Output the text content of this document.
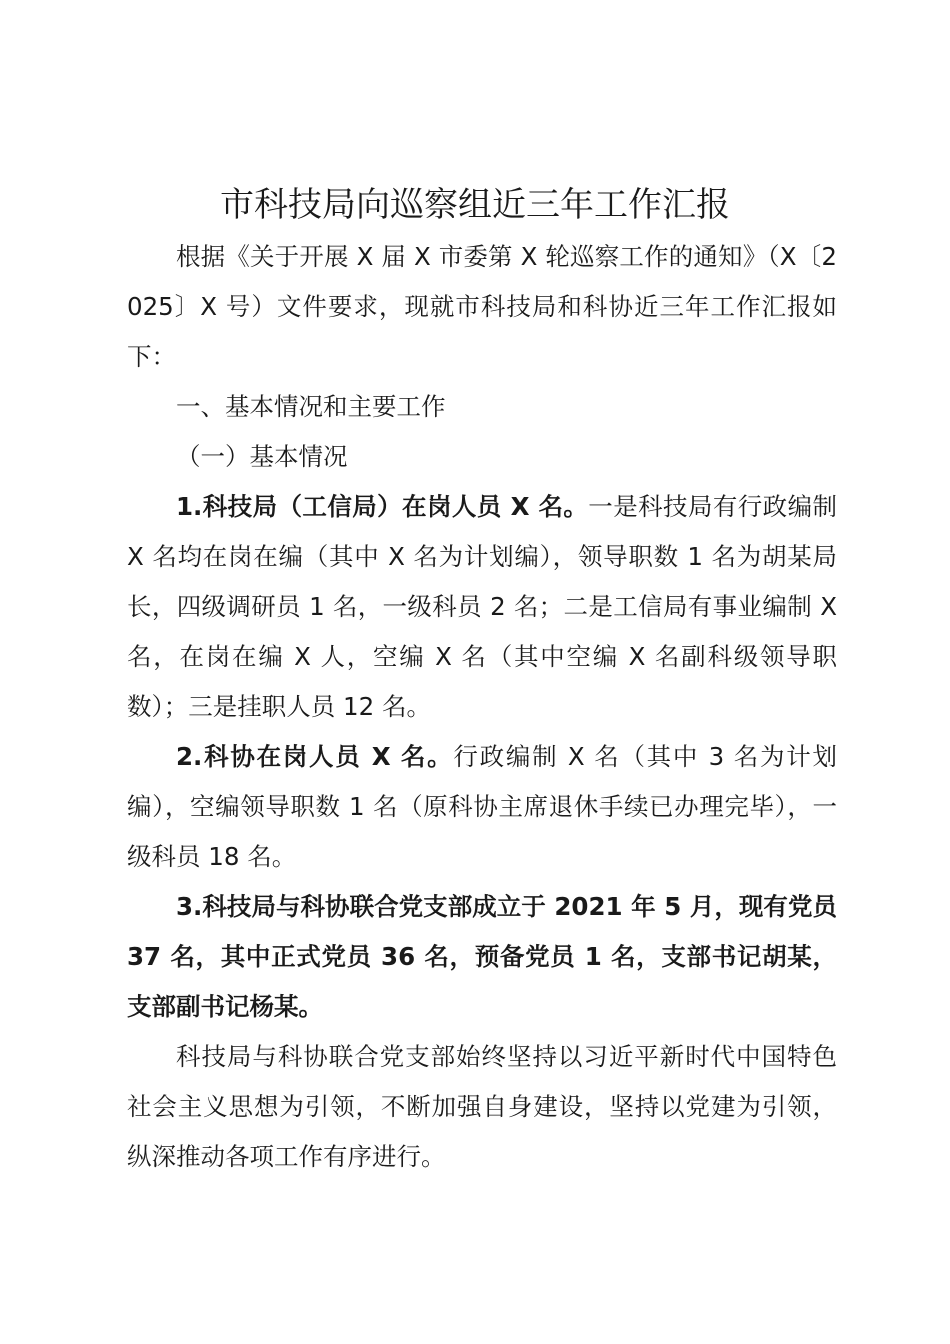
市科技局向巡察组近三年工作汇报

根据《关于开展 X 届 X 市委第 X 轮巡察工作的通知》（X〔2025〕X 号）文件要求，现就市科技局和科协近三年工作汇报如下：

一、基本情况和主要工作

（一）基本情况

1.科技局（工信局）在岗人员 X 名。一是科技局有行政编制 X 名均在岗在编（其中 X 名为计划编），领导职数 1 名为胡某局长，四级调研员 1 名，一级科员 2 名；二是工信局有事业编制 X 名，在岗在编 X 人，空编 X 名（其中空编 X 名副科级领导职数）；三是挂职人员 12 名。

2.科协在岗人员 X 名。行政编制 X 名（其中 3 名为计划编），空编领导职数 1 名（原科协主席退休手续已办理完毕），一级科员 18 名。

3.科技局与科协联合党支部成立于 2021 年 5 月，现有党员 37 名，其中正式党员 36 名，预备党员 1 名，支部书记胡某，支部副书记杨某。

科技局与科协联合党支部始终坚持以习近平新时代中国特色社会主义思想为引领，不断加强自身建设，坚持以党建为引领，纵深推动各项工作有序进行。
